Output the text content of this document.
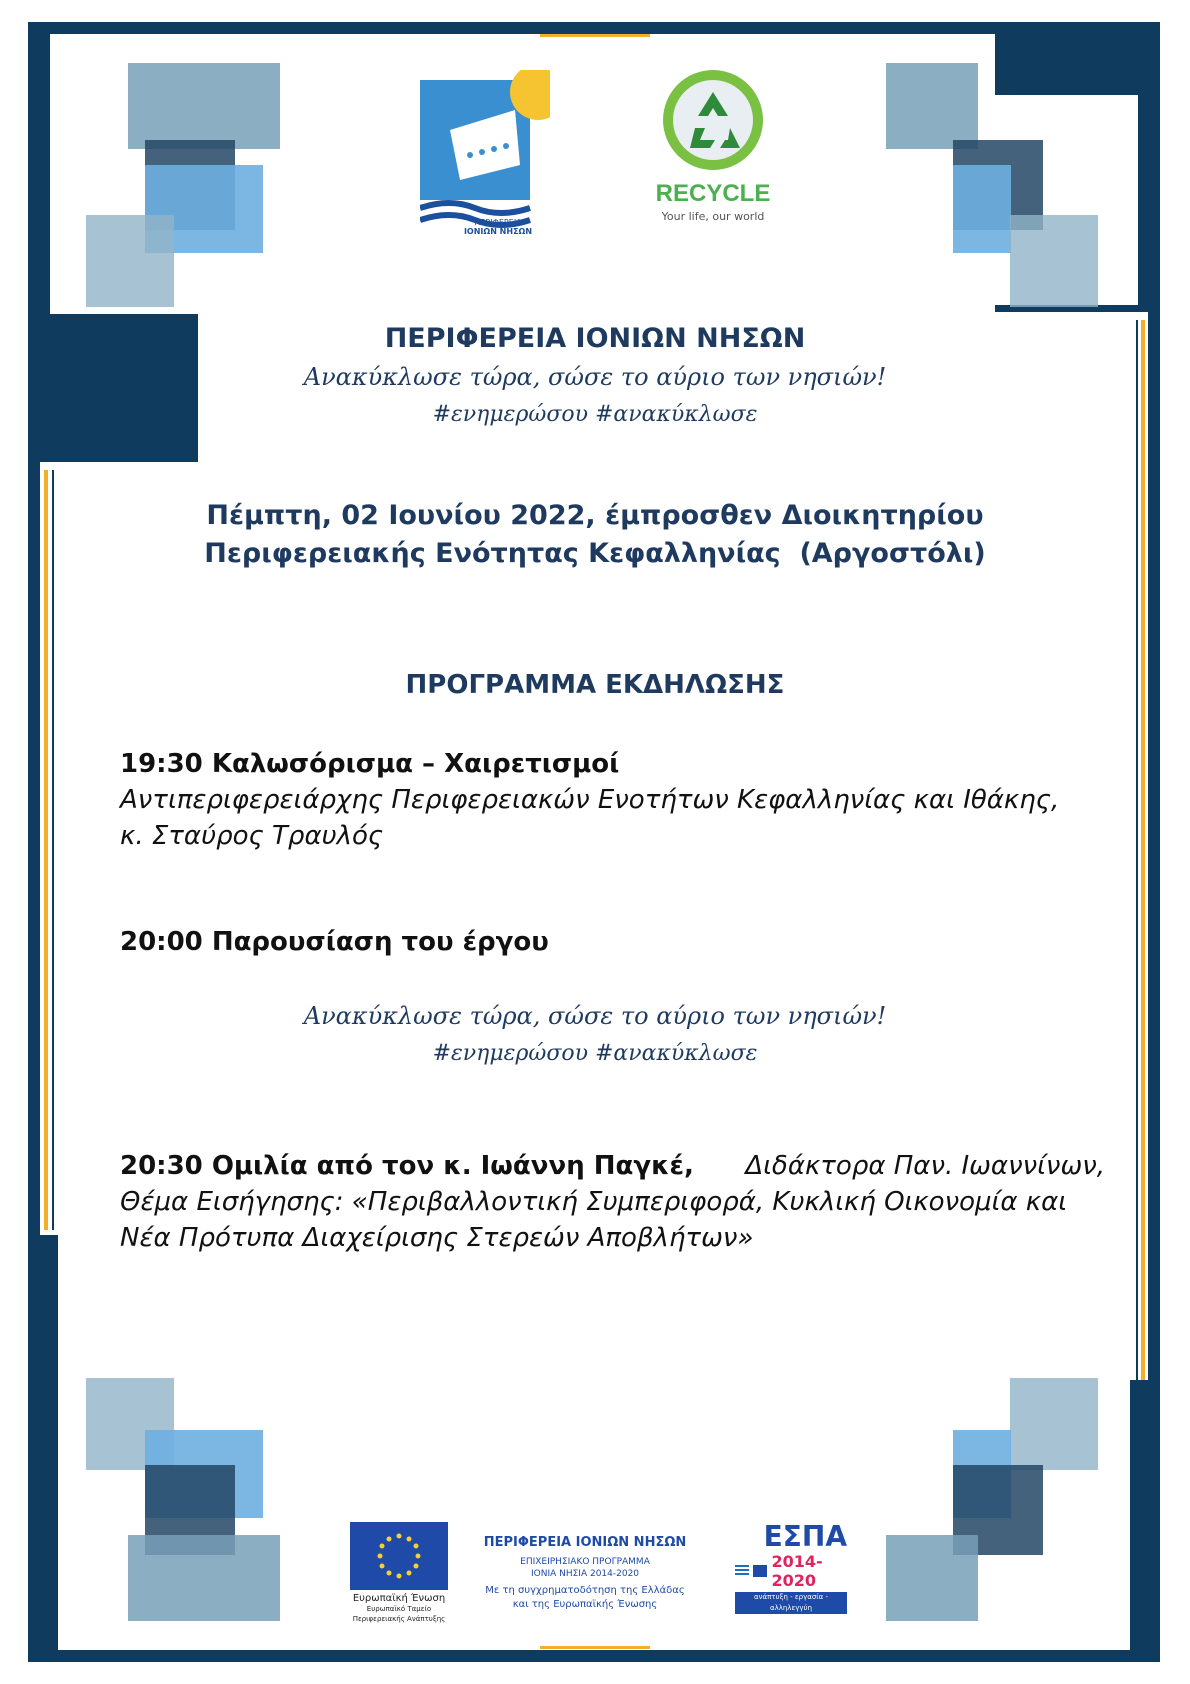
ΠΕΡΙΦΕΡΕΙΑ
ΙΟΝΙΩΝ ΝΗΣΩΝ
RECYCLE
Your life, our world
ΠΕΡΙΦΕΡΕΙΑ ΙΟΝΙΩΝ ΝΗΣΩΝ
Ανακύκλωσε τώρα, σώσε το αύριο των νησιών!
#ενημερώσου #ανακύκλωσε
Πέμπτη, 02 Ιουνίου 2022, έμπροσθεν Διοικητηρίου
Περιφερειακής Ενότητας Κεφαλληνίας  (Αργοστόλι)
ΠΡΟΓΡΑΜΜΑ ΕΚΔΗΛΩΣΗΣ
19:30 Καλωσόρισμα – Χαιρετισμοί
Αντιπεριφερειάρχης Περιφερειακών Ενοτήτων Κεφαλληνίας και Ιθάκης,
κ. Σταύρος Τραυλός
20:00 Παρουσίαση του έργου
Ανακύκλωσε τώρα, σώσε το αύριο των νησιών!
#ενημερώσου #ανακύκλωσε
20:30 Ομιλία από τον κ. Ιωάννη Παγκέ, Διδάκτορα Παν. Ιωαννίνων,
Θέμα Εισήγησης: «Περιβαλλοντική Συμπεριφορά, Κυκλική Οικονομία και
Νέα Πρότυπα Διαχείρισης Στερεών Αποβλήτων»
Ευρωπαϊκή Ένωση
Ευρωπαϊκό Ταμείο
Περιφερειακής Ανάπτυξης
ΠΕΡΙΦΕΡΕΙΑ ΙΟΝΙΩΝ ΝΗΣΩΝ
ΕΠΙΧΕΙΡΗΣΙΑΚΟ ΠΡΟΓΡΑΜΜΑ
ΙΟΝΙΑ ΝΗΣΙΑ 2014-2020
Με τη συγχρηματοδότηση της Ελλάδας
και της Ευρωπαϊκής Ένωσης
ΕΣΠΑ
2014-2020
ανάπτυξη - εργασία - αλληλεγγύη
